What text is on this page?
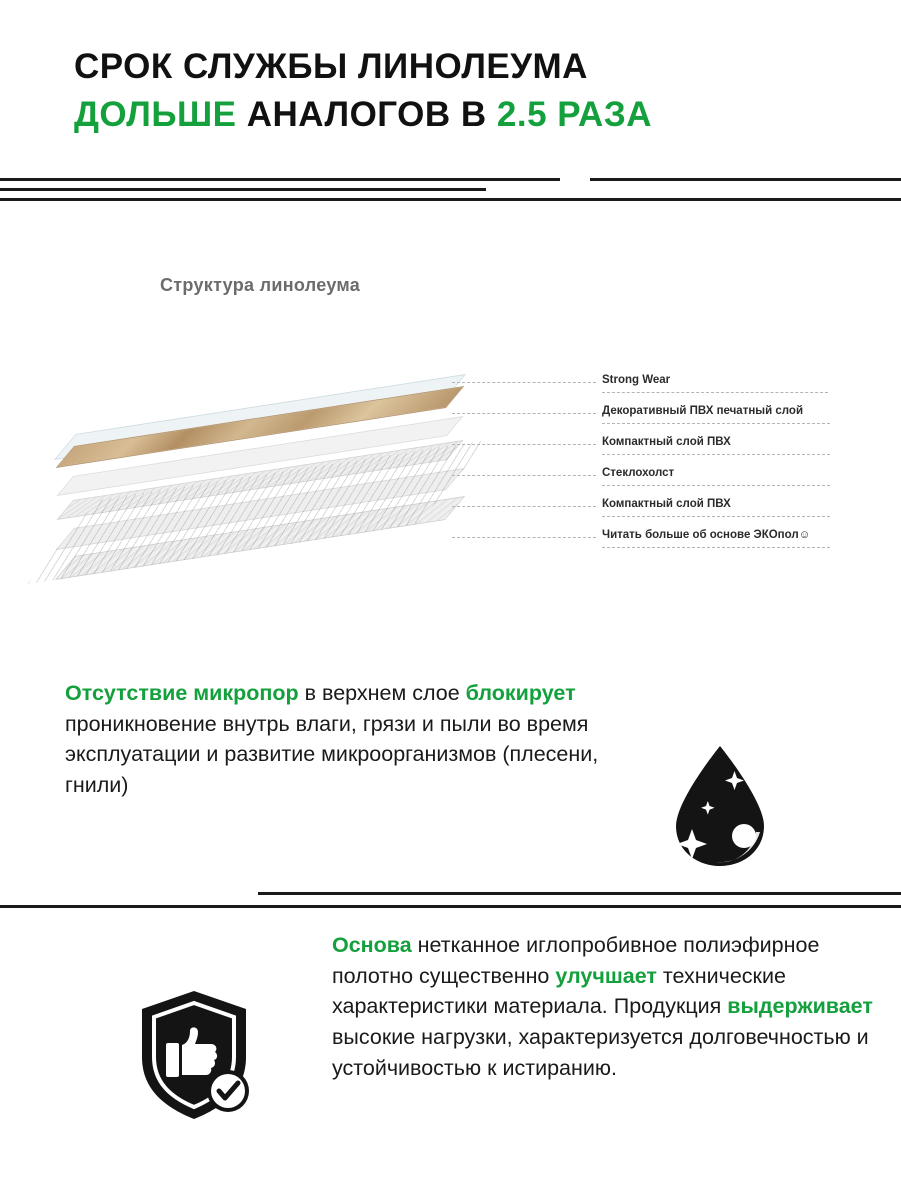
СРОК СЛУЖБЫ ЛИНОЛЕУМА
ДОЛЬШЕ АНАЛОГОВ В 2.5 РАЗА
Структура линолеума
Strong Wear
Декоративный ПВХ печатный слой
Компактный слой ПВХ
Стеклохолст
Компактный слой ПВХ
Читать больше об основе ЭКОпол☺
Отсутствие микропор в верхнем слое блокирует проникновение внутрь влаги, грязи и пыли во время эксплуатации и развитие микроорганизмов (плесени, гнили)
Основа нетканное иглопробивное полиэфирное полотно существенно улучшает технические характеристики материала. Продукция выдерживает высокие нагрузки, характеризуется долговечностью и устойчивостью к истиранию.
